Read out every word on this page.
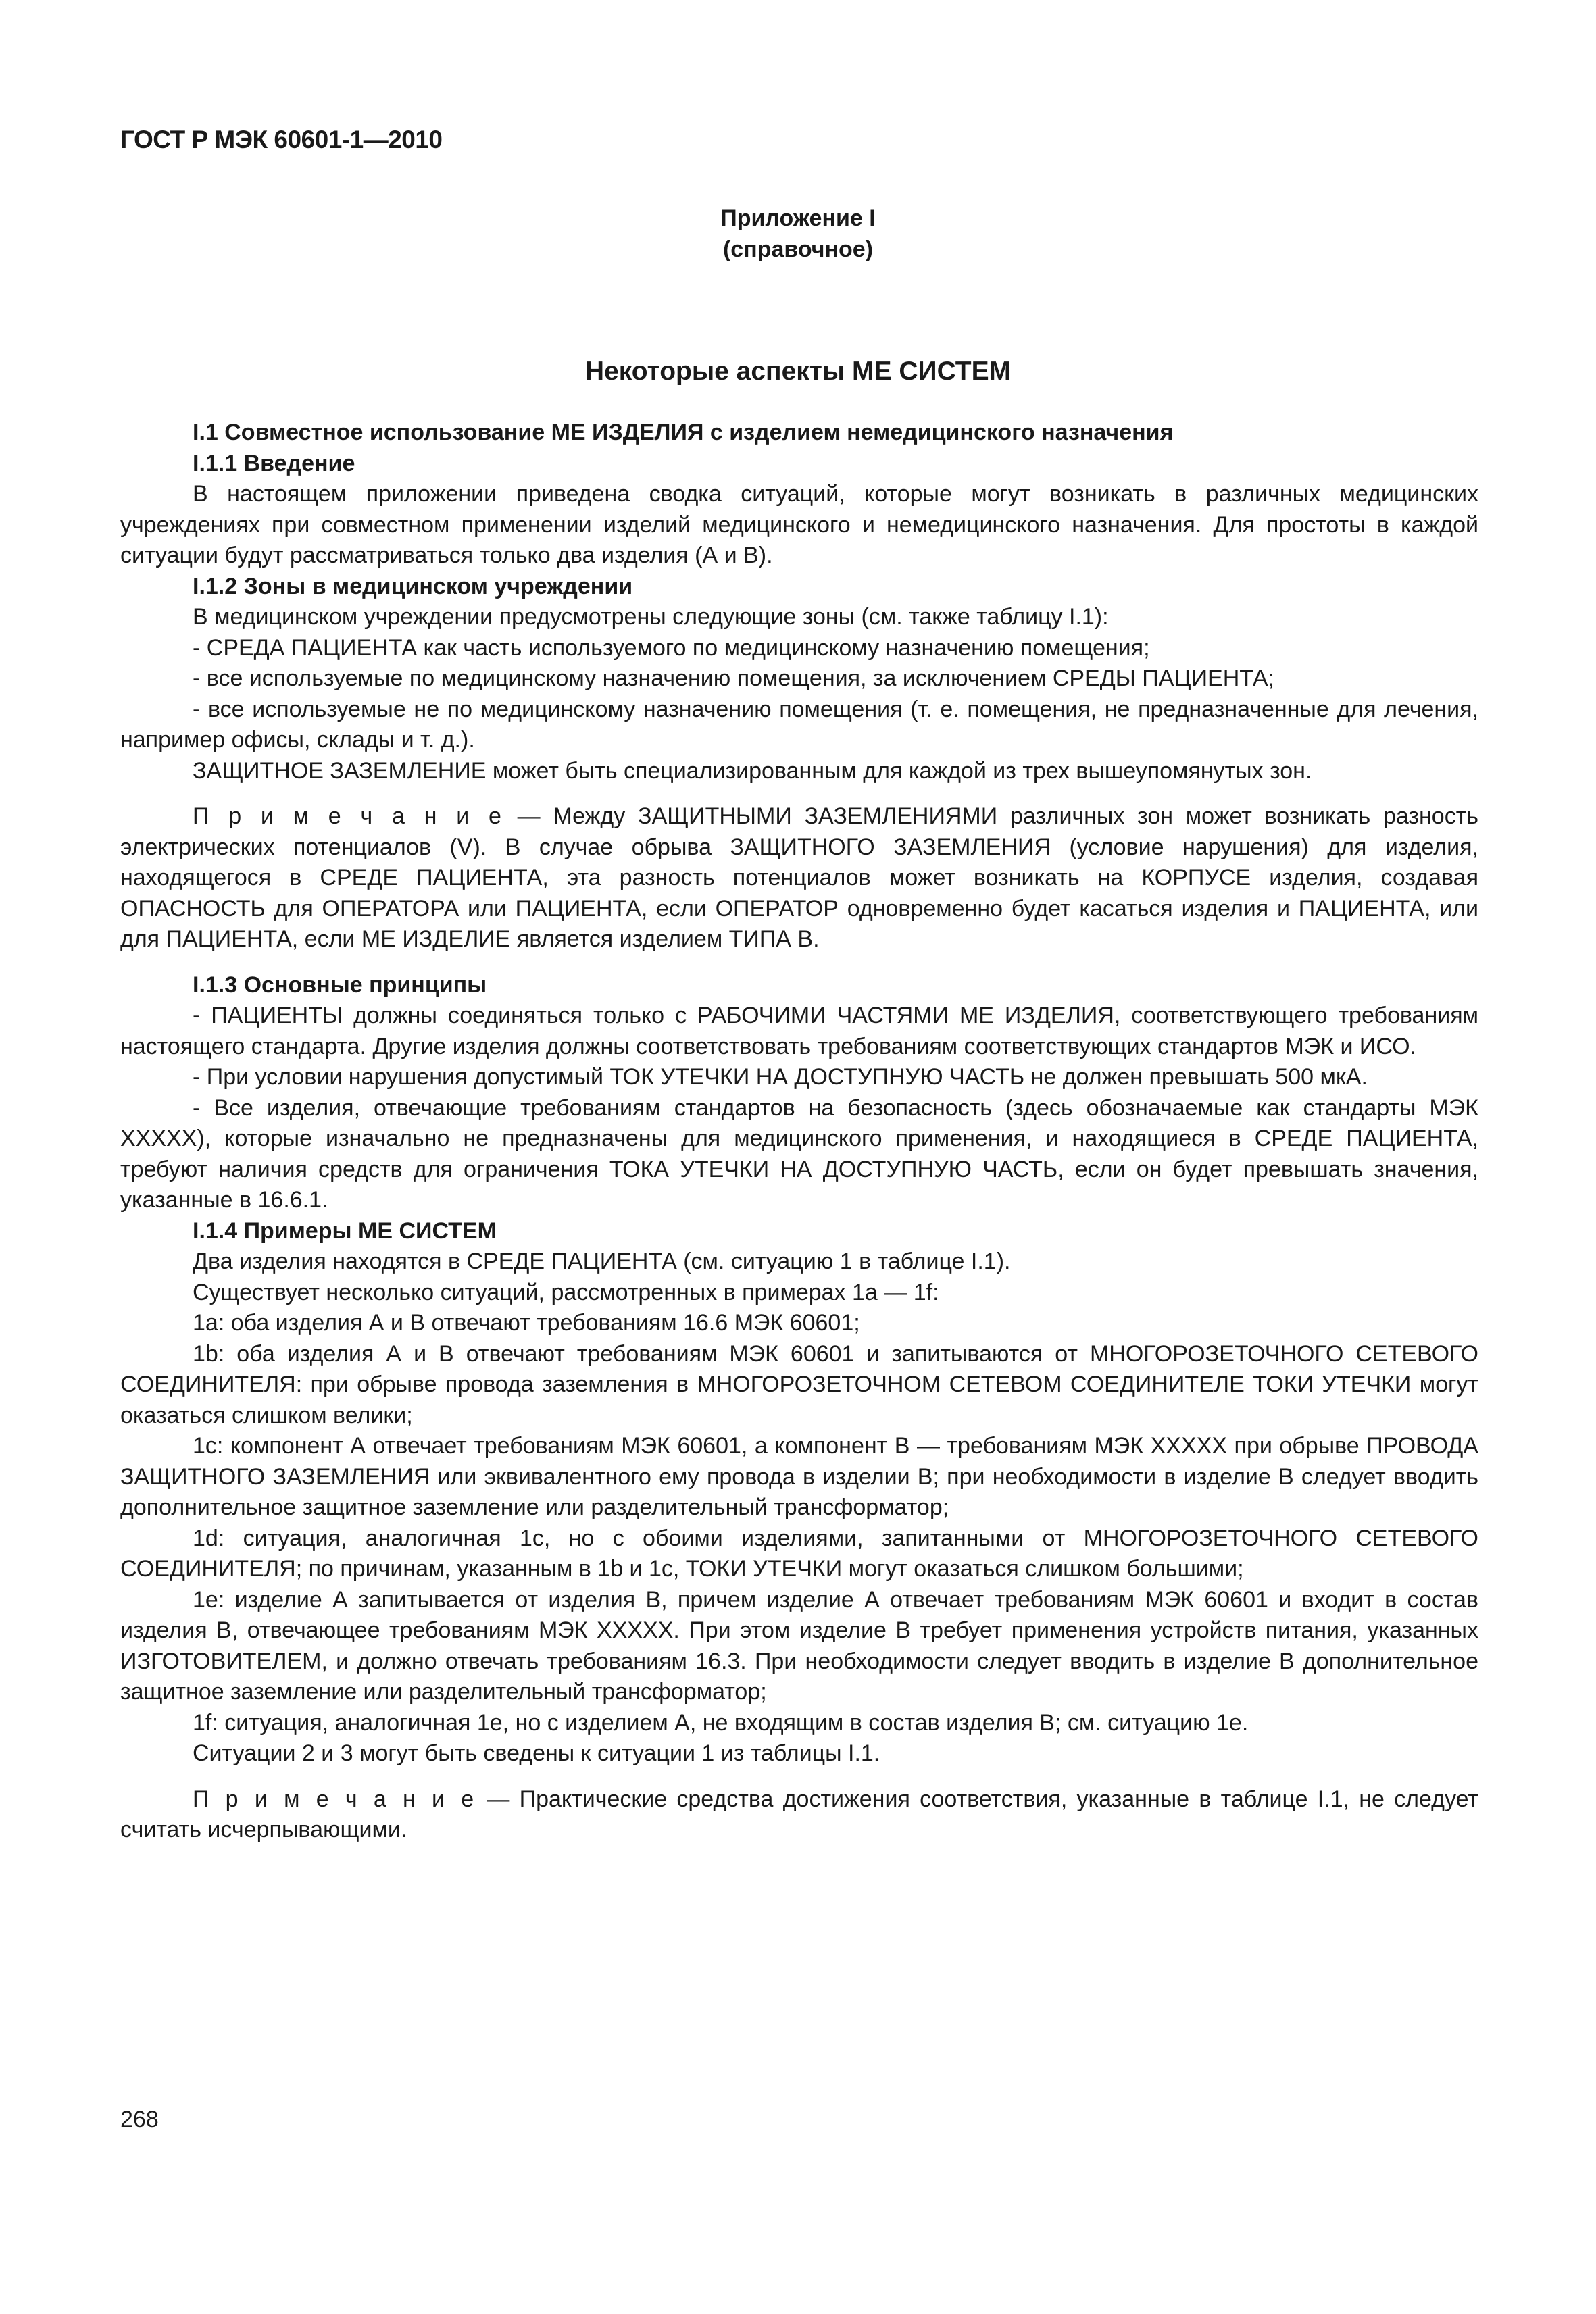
ГОСТ Р МЭК 60601-1—2010
Приложение I
(справочное)
Некоторые аспекты МЕ СИСТЕМ

I.1 Совместное использование МЕ ИЗДЕЛИЯ с изделием немедицинского назначения

I.1.1 Введение

В настоящем приложении приведена сводка ситуаций, которые могут возникать в различных медицинских учреждениях при совместном применении изделий медицинского и немедицинского назначения. Для простоты в каждой ситуации будут рассматриваться только два изделия (А и В).

I.1.2 Зоны в медицинском учреждении

В медицинском учреждении предусмотрены следующие зоны (см. также таблицу I.1):

- СРЕДА ПАЦИЕНТА как часть используемого по медицинскому назначению помещения;

- все используемые по медицинскому назначению помещения, за исключением СРЕДЫ ПАЦИЕНТА;

- все используемые не по медицинскому назначению помещения (т. е. помещения, не предназначенные для лечения, например офисы, склады и т. д.).

ЗАЩИТНОЕ ЗАЗЕМЛЕНИЕ может быть специализированным для каждой из трех вышеупомянутых зон.

П р и м е ч а н и е — Между ЗАЩИТНЫМИ ЗАЗЕМЛЕНИЯМИ различных зон может возникать разность электрических потенциалов (V). В случае обрыва ЗАЩИТНОГО ЗАЗЕМЛЕНИЯ (условие нарушения) для изделия, находящегося в СРЕДЕ ПАЦИЕНТА, эта разность потенциалов может возникать на КОРПУСЕ изделия, создавая ОПАСНОСТЬ для ОПЕРАТОРА или ПАЦИЕНТА, если ОПЕРАТОР одновременно будет касаться изделия и ПАЦИЕНТА, или для ПАЦИЕНТА, если МЕ ИЗДЕЛИЕ является изделием ТИПА В.

I.1.3 Основные принципы

- ПАЦИЕНТЫ должны соединяться только с РАБОЧИМИ ЧАСТЯМИ МЕ ИЗДЕЛИЯ, соответствующего требованиям настоящего стандарта. Другие изделия должны соответствовать требованиям соответствующих стандартов МЭК и ИСО.

- При условии нарушения допустимый ТОК УТЕЧКИ НА ДОСТУПНУЮ ЧАСТЬ не должен превышать 500 мкА.

- Все изделия, отвечающие требованиям стандартов на безопасность (здесь обозначаемые как стандарты МЭК XXXXX), которые изначально не предназначены для медицинского применения, и находящиеся в СРЕДЕ ПАЦИЕНТА, требуют наличия средств для ограничения ТОКА УТЕЧКИ НА ДОСТУПНУЮ ЧАСТЬ, если он будет превышать значения, указанные в 16.6.1.

I.1.4 Примеры МЕ СИСТЕМ

Два изделия находятся в СРЕДЕ ПАЦИЕНТА (см. ситуацию 1 в таблице I.1).

Существует несколько ситуаций, рассмотренных в примерах 1а — 1f:

1а: оба изделия А и В отвечают требованиям 16.6 МЭК 60601;

1b: оба изделия А и В отвечают требованиям МЭК 60601 и запитываются от МНОГОРОЗЕТОЧНОГО СЕТЕВОГО СОЕДИНИТЕЛЯ: при обрыве провода заземления в МНОГОРОЗЕТОЧНОМ СЕТЕВОМ СОЕДИНИТЕЛЕ ТОКИ УТЕЧКИ могут оказаться слишком велики;

1с: компонент А отвечает требованиям МЭК 60601, а компонент В — требованиям МЭК XXXXX при обрыве ПРОВОДА ЗАЩИТНОГО ЗАЗЕМЛЕНИЯ или эквивалентного ему провода в изделии В; при необходимости в изделие В следует вводить дополнительное защитное заземление или разделительный трансформатор;

1d: ситуация, аналогичная 1с, но с обоими изделиями, запитанными от МНОГОРОЗЕТОЧНОГО СЕТЕВОГО СОЕДИНИТЕЛЯ; по причинам, указанным в 1b и 1с, ТОКИ УТЕЧКИ могут оказаться слишком большими;

1е: изделие А запитывается от изделия В, причем изделие А отвечает требованиям МЭК 60601 и входит в состав изделия В, отвечающее требованиям МЭК XXXXX. При этом изделие В требует применения устройств питания, указанных ИЗГОТОВИТЕЛЕМ, и должно отвечать требованиям 16.3. При необходимости следует вводить в изделие В дополнительное защитное заземление или разделительный трансформатор;

1f: ситуация, аналогичная 1е, но с изделием А, не входящим в состав изделия В; см. ситуацию 1е.

Ситуации 2 и 3 могут быть сведены к ситуации 1 из таблицы I.1.

П р и м е ч а н и е — Практические средства достижения соответствия, указанные в таблице I.1, не следует считать исчерпывающими.

268
